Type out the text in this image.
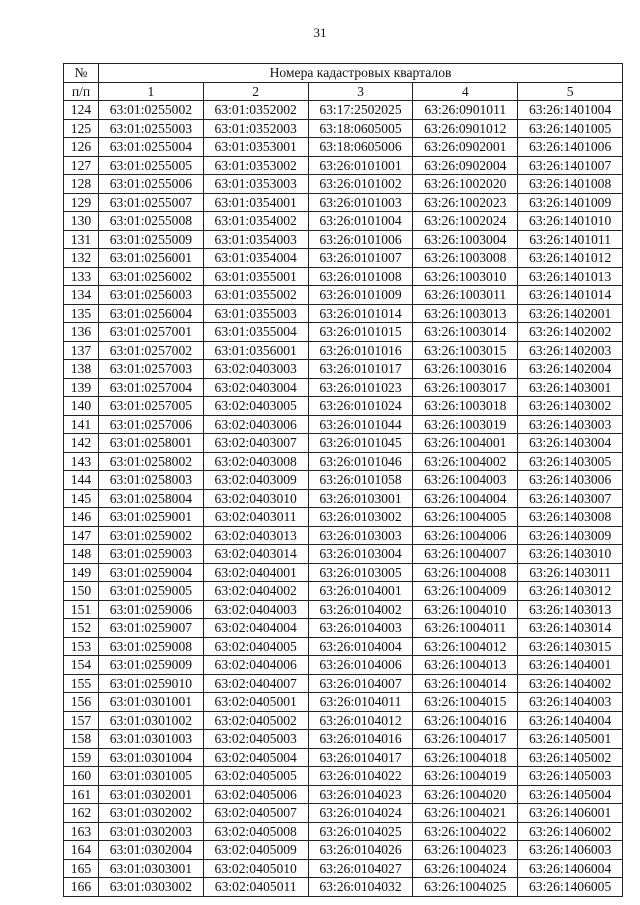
31
№	Номера кадастровых кварталов				
п/п	1	2	3	4	5
124	63:01:0255002	63:01:0352002	63:17:2502025	63:26:0901011	63:26:1401004
125	63:01:0255003	63:01:0352003	63:18:0605005	63:26:0901012	63:26:1401005
126	63:01:0255004	63:01:0353001	63:18:0605006	63:26:0902001	63:26:1401006
127	63:01:0255005	63:01:0353002	63:26:0101001	63:26:0902004	63:26:1401007
128	63:01:0255006	63:01:0353003	63:26:0101002	63:26:1002020	63:26:1401008
129	63:01:0255007	63:01:0354001	63:26:0101003	63:26:1002023	63:26:1401009
130	63:01:0255008	63:01:0354002	63:26:0101004	63:26:1002024	63:26:1401010
131	63:01:0255009	63:01:0354003	63:26:0101006	63:26:1003004	63:26:1401011
132	63:01:0256001	63:01:0354004	63:26:0101007	63:26:1003008	63:26:1401012
133	63:01:0256002	63:01:0355001	63:26:0101008	63:26:1003010	63:26:1401013
134	63:01:0256003	63:01:0355002	63:26:0101009	63:26:1003011	63:26:1401014
135	63:01:0256004	63:01:0355003	63:26:0101014	63:26:1003013	63:26:1402001
136	63:01:0257001	63:01:0355004	63:26:0101015	63:26:1003014	63:26:1402002
137	63:01:0257002	63:01:0356001	63:26:0101016	63:26:1003015	63:26:1402003
138	63:01:0257003	63:02:0403003	63:26:0101017	63:26:1003016	63:26:1402004
139	63:01:0257004	63:02:0403004	63:26:0101023	63:26:1003017	63:26:1403001
140	63:01:0257005	63:02:0403005	63:26:0101024	63:26:1003018	63:26:1403002
141	63:01:0257006	63:02:0403006	63:26:0101044	63:26:1003019	63:26:1403003
142	63:01:0258001	63:02:0403007	63:26:0101045	63:26:1004001	63:26:1403004
143	63:01:0258002	63:02:0403008	63:26:0101046	63:26:1004002	63:26:1403005
144	63:01:0258003	63:02:0403009	63:26:0101058	63:26:1004003	63:26:1403006
145	63:01:0258004	63:02:0403010	63:26:0103001	63:26:1004004	63:26:1403007
146	63:01:0259001	63:02:0403011	63:26:0103002	63:26:1004005	63:26:1403008
147	63:01:0259002	63:02:0403013	63:26:0103003	63:26:1004006	63:26:1403009
148	63:01:0259003	63:02:0403014	63:26:0103004	63:26:1004007	63:26:1403010
149	63:01:0259004	63:02:0404001	63:26:0103005	63:26:1004008	63:26:1403011
150	63:01:0259005	63:02:0404002	63:26:0104001	63:26:1004009	63:26:1403012
151	63:01:0259006	63:02:0404003	63:26:0104002	63:26:1004010	63:26:1403013
152	63:01:0259007	63:02:0404004	63:26:0104003	63:26:1004011	63:26:1403014
153	63:01:0259008	63:02:0404005	63:26:0104004	63:26:1004012	63:26:1403015
154	63:01:0259009	63:02:0404006	63:26:0104006	63:26:1004013	63:26:1404001
155	63:01:0259010	63:02:0404007	63:26:0104007	63:26:1004014	63:26:1404002
156	63:01:0301001	63:02:0405001	63:26:0104011	63:26:1004015	63:26:1404003
157	63:01:0301002	63:02:0405002	63:26:0104012	63:26:1004016	63:26:1404004
158	63:01:0301003	63:02:0405003	63:26:0104016	63:26:1004017	63:26:1405001
159	63:01:0301004	63:02:0405004	63:26:0104017	63:26:1004018	63:26:1405002
160	63:01:0301005	63:02:0405005	63:26:0104022	63:26:1004019	63:26:1405003
161	63:01:0302001	63:02:0405006	63:26:0104023	63:26:1004020	63:26:1405004
162	63:01:0302002	63:02:0405007	63:26:0104024	63:26:1004021	63:26:1406001
163	63:01:0302003	63:02:0405008	63:26:0104025	63:26:1004022	63:26:1406002
164	63:01:0302004	63:02:0405009	63:26:0104026	63:26:1004023	63:26:1406003
165	63:01:0303001	63:02:0405010	63:26:0104027	63:26:1004024	63:26:1406004
166	63:01:0303002	63:02:0405011	63:26:0104032	63:26:1004025	63:26:1406005
